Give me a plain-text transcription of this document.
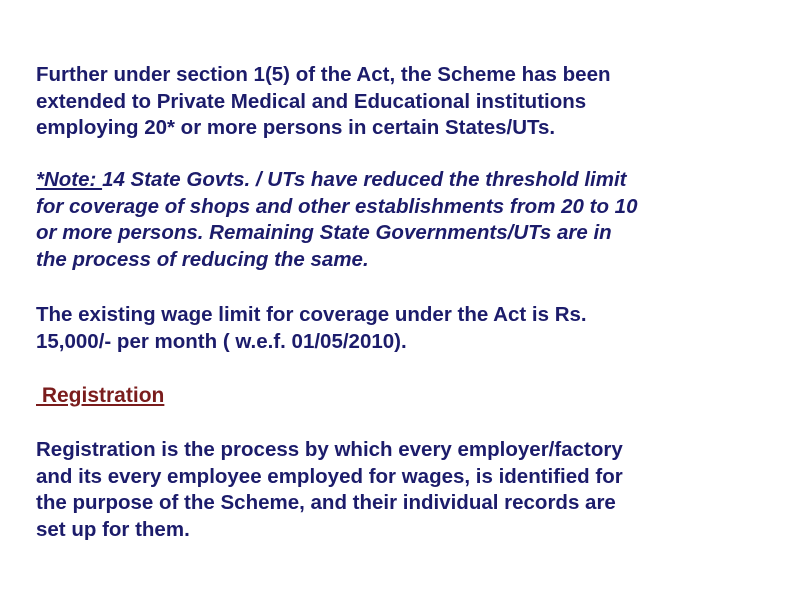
Further under section 1(5) of the Act, the Scheme has been
extended to Private Medical and Educational institutions
employing 20* or more persons in certain States/UTs.

*Note: 14 State Govts. / UTs have reduced the threshold limit
for coverage of shops and other establishments from 20 to 10
or more persons. Remaining State Governments/UTs are in
the process of reducing the same.

The existing wage limit for coverage under the Act is Rs.
15,000/- per month ( w.e.f. 01/05/2010).

Registration

Registration is the process by which every employer/factory
and its every employee employed for wages, is identified for
the purpose of the Scheme, and their individual records are
set up for them.
